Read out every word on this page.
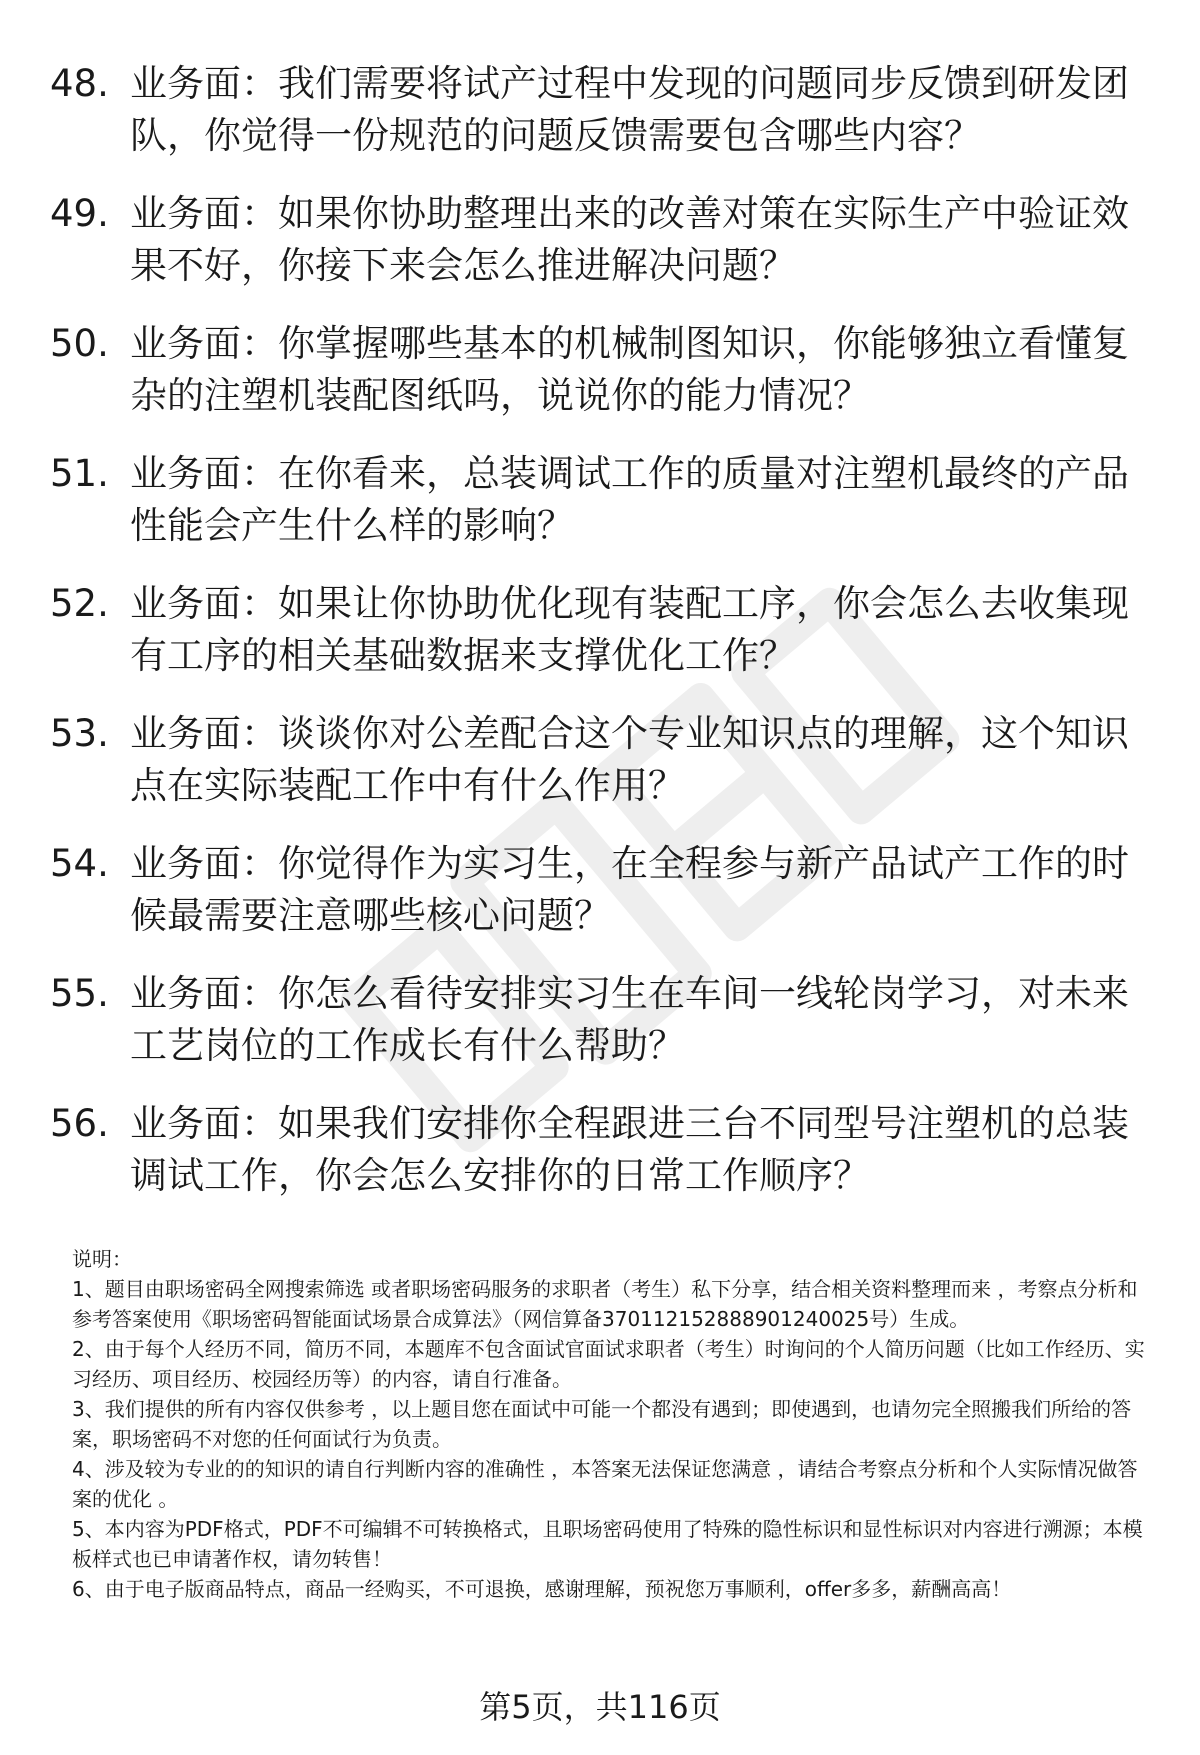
48. 业务面：我们需要将试产过程中发现的问题同步反馈到研发团队，你觉得一份规范的问题反馈需要包含哪些内容？
49. 业务面：如果你协助整理出来的改善对策在实际生产中验证效果不好，你接下来会怎么推进解决问题？
50. 业务面：你掌握哪些基本的机械制图知识，你能够独立看懂复杂的注塑机装配图纸吗，说说你的能力情况？
51. 业务面：在你看来，总装调试工作的质量对注塑机最终的产品性能会产生什么样的影响？
52. 业务面：如果让你协助优化现有装配工序，你会怎么去收集现有工序的相关基础数据来支撑优化工作？
53. 业务面：谈谈你对公差配合这个专业知识点的理解，这个知识点在实际装配工作中有什么作用？
54. 业务面：你觉得作为实习生，在全程参与新产品试产工作的时候最需要注意哪些核心问题？
55. 业务面：你怎么看待安排实习生在车间一线轮岗学习，对未来工艺岗位的工作成长有什么帮助？
56. 业务面：如果我们安排你全程跟进三台不同型号注塑机的总装调试工作，你会怎么安排你的日常工作顺序？

说明：

1、题目由职场密码全网搜索筛选 或者职场密码服务的求职者（考生）私下分享，结合相关资料整理而来 ，考察点分析和参考答案使用《职场密码智能面试场景合成算法》（网信算备370112152888901240025号）生成。

2、由于每个人经历不同，简历不同，本题库不包含面试官面试求职者（考生）时询问的个人简历问题（比如工作经历、实习经历、项目经历、校园经历等）的内容，请自行准备。

3、我们提供的所有内容仅供参考 ，以上题目您在面试中可能一个都没有遇到；即使遇到，也请勿完全照搬我们所给的答案，职场密码不对您的任何面试行为负责。

4、涉及较为专业的的知识的请自行判断内容的准确性 ，本答案无法保证您满意 ，请结合考察点分析和个人实际情况做答案的优化 。

5、本内容为PDF格式，PDF不可编辑不可转换格式，且职场密码使用了特殊的隐性标识和显性标识对内容进行溯源；本模板样式也已申请著作权，请勿转售！

6、由于电子版商品特点，商品一经购买，不可退换，感谢理解，预祝您万事顺利，offer多多，薪酬高高！

第5页，共116页
